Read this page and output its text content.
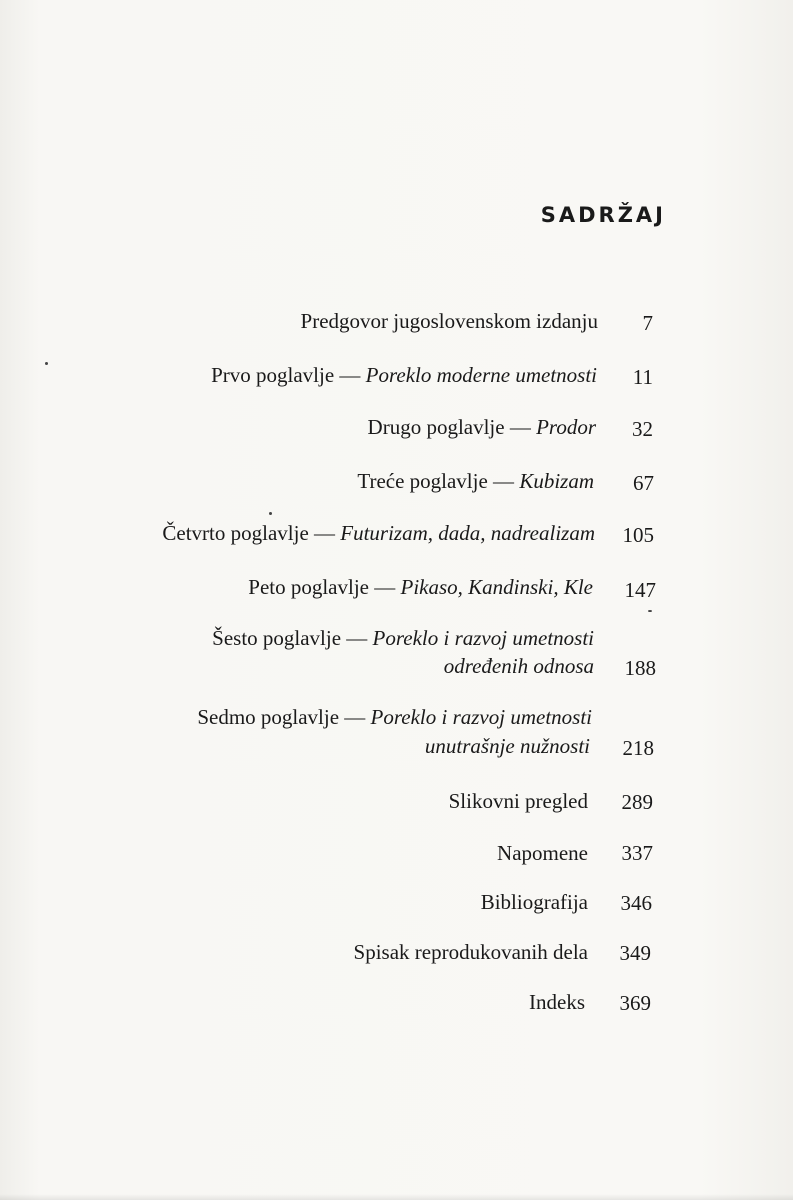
SADRŽAJ
Predgovor jugoslovenskom izdanju 7
Prvo poglavlje — Poreklo moderne umetnosti 11
Drugo poglavlje — Prodor 32
Treće poglavlje — Kubizam 67
Četvrto poglavlje — Futurizam, dada, nadrealizam 105
Peto poglavlje — Pikaso, Kandinski, Kle 147
Šesto poglavlje — Poreklo i razvoj umetnosti
određenih odnosa 188
Sedmo poglavlje — Poreklo i razvoj umetnosti
unutrašnje nužnosti 218
Slikovni pregled 289
Napomene 337
Bibliografija 346
Spisak reprodukovanih dela 349
Indeks 369
